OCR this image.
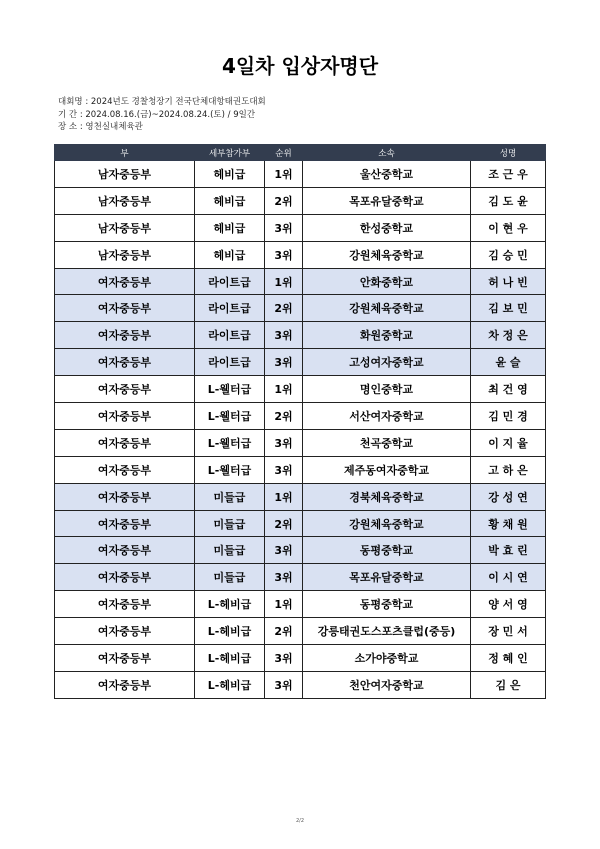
4일차 입상자명단
대회명 : 2024년도 경찰청장기 전국단체대항태권도대회
기 간 : 2024.08.16.(금)~2024.08.24.(토) / 9일간
장 소 : 영천실내체육관
부	세부참가부	순위	소속	성명
남자중등부	헤비급	1위	울산중학교	조 근 우
남자중등부	헤비급	2위	목포유달중학교	김 도 윤
남자중등부	헤비급	3위	한성중학교	이 현 우
남자중등부	헤비급	3위	강원체육중학교	김 승 민
여자중등부	라이트급	1위	안화중학교	허 나 빈
여자중등부	라이트급	2위	강원체육중학교	김 보 민
여자중등부	라이트급	3위	화원중학교	차 정 은
여자중등부	라이트급	3위	고성여자중학교	윤 슬
여자중등부	L-웰터급	1위	명인중학교	최 건 영
여자중등부	L-웰터급	2위	서산여자중학교	김 민 경
여자중등부	L-웰터급	3위	천곡중학교	이 지 율
여자중등부	L-웰터급	3위	제주동여자중학교	고 하 은
여자중등부	미들급	1위	경북체육중학교	강 성 연
여자중등부	미들급	2위	강원체육중학교	황 채 원
여자중등부	미들급	3위	동평중학교	박 효 린
여자중등부	미들급	3위	목포유달중학교	이 시 연
여자중등부	L-헤비급	1위	동평중학교	양 서 영
여자중등부	L-헤비급	2위	강릉태권도스포츠클럽(중등)	장 민 서
여자중등부	L-헤비급	3위	소가야중학교	정 혜 인
여자중등부	L-헤비급	3위	천안여자중학교	김 은
2/2
